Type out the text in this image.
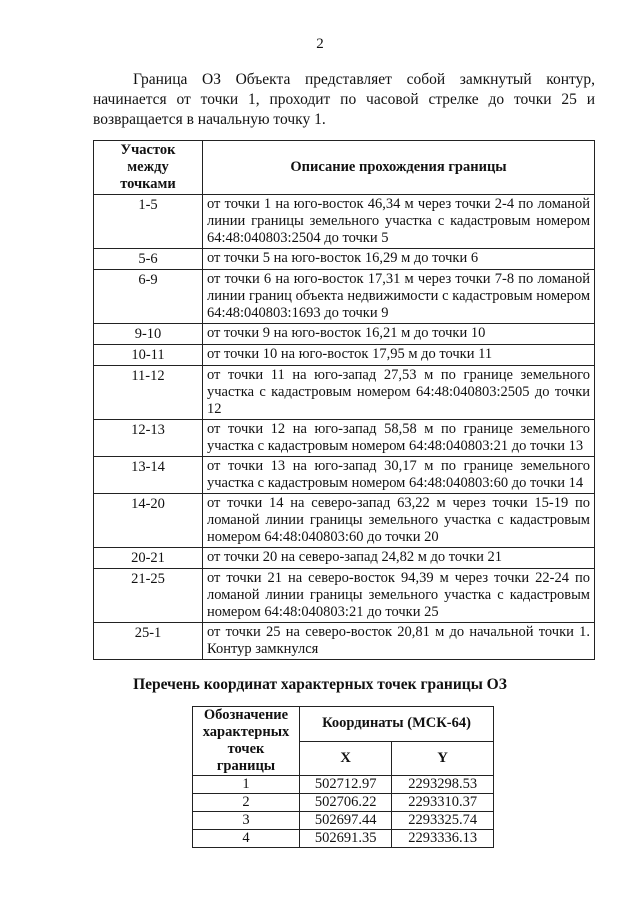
2

Граница ОЗ Объекта представляет собой замкнутый контур, начинается от точки 1, проходит по часовой стрелке до точки 25 и возвращается в начальную точку 1.

Участок между точками	Описание прохождения границы
1-5	от точки 1 на юго-восток 46,34 м через точки 2-4 по ломаной линии границы земельного участка с кадастровым номером 64:48:040803:2504 до точки 5
5-6	от точки 5 на юго-восток 16,29 м до точки 6
6-9	от точки 6 на юго-восток 17,31 м через точки 7-8 по ломаной линии границ объекта недвижимости с кадастровым номером 64:48:040803:1693 до точки 9
9-10	от точки 9 на юго-восток 16,21 м до точки 10
10-11	от точки 10 на юго-восток 17,95 м до точки 11
11-12	от точки 11 на юго-запад 27,53 м по границе земельного участка с кадастровым номером 64:48:040803:2505 до точки 12
12-13	от точки 12 на юго-запад 58,58 м по границе земельного участка с кадастровым номером 64:48:040803:21 до точки 13
13-14	от точки 13 на юго-запад 30,17 м по границе земельного участка с кадастровым номером 64:48:040803:60 до точки 14
14-20	от точки 14 на северо-запад 63,22 м через точки 15-19 по ломаной линии границы земельного участка с кадастровым номером 64:48:040803:60 до точки 20
20-21	от точки 20 на северо-запад 24,82 м до точки 21
21-25	от точки 21 на северо-восток 94,39 м через точки 22-24 по ломаной линии границы земельного участка с кадастровым номером 64:48:040803:21 до точки 25
25-1	от точки 25 на северо-восток 20,81 м до начальной точки 1. Контур замкнулся
Перечень координат характерных точек границы ОЗ
Обозначение характерных точек границы	Координаты (МСК-64)	
	X	Y
1	502712.97	2293298.53
2	502706.22	2293310.37
3	502697.44	2293325.74
4	502691.35	2293336.13
